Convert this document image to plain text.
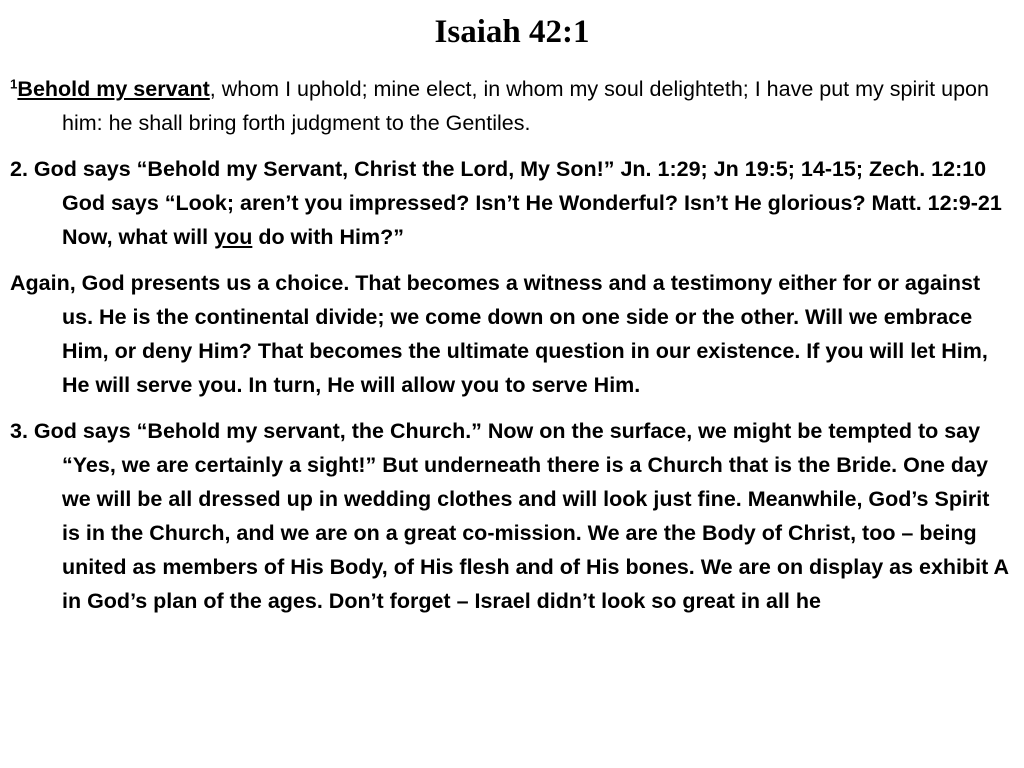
Isaiah 42:1

$^1$Behold my servant, whom I uphold; mine elect, in whom my soul delighteth; I have put my spirit upon him: he shall bring forth judgment to the Gentiles.

2. God says “Behold my Servant, Christ the Lord, My Son!” Jn. 1:29; Jn 19:5; 14-15; Zech. 12:10 God says “Look; aren’t you impressed? Isn’t He Wonderful? Isn’t He glorious? Matt. 12:9-21 Now, what will you do with Him?”

Again, God presents us a choice. That becomes a witness and a testimony either for or against us. He is the continental divide; we come down on one side or the other. Will we embrace Him, or deny Him? That becomes the ultimate question in our existence. If you will let Him, He will serve you. In turn, He will allow you to serve Him.

3. God says “Behold my servant, the Church.” Now on the surface, we might be tempted to say “Yes, we are certainly a sight!” But underneath there is a Church that is the Bride. One day we will be all dressed up in wedding clothes and will look just fine. Meanwhile, God’s Spirit is in the Church, and we are on a great co-mission. We are the Body of Christ, too – being united as members of His Body, of His flesh and of His bones. We are on display as exhibit A in God’s plan of the ages. Don’t forget – Israel didn’t look so great in all he
